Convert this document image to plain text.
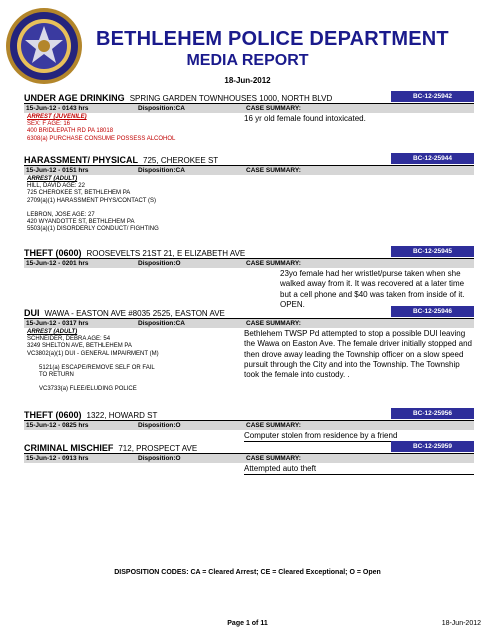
BETHLEHEM POLICE DEPARTMENT
MEDIA REPORT
18-Jun-2012
UNDER AGE DRINKING SPRING GARDEN TOWNHOUSES 1000, NORTH BLVD	BC-12-25942
15-Jun-12 - 0143 hrs	Disposition:CA	CASE SUMMARY:
ARREST (JUVENILE)
SEX: F AGE: 16
400 BRIDLEPATH RD PA 18018
6308(a) PURCHASE CONSUME POSSESS ALCOHOL
16 yr old female found intoxicated.
HARASSMENT/ PHYSICAL 725, CHEROKEE ST	BC-12-25944
15-Jun-12 - 0151 hrs	Disposition:CA	CASE SUMMARY:
ARREST (ADULT)
HILL, DAVID AGE: 22
725 CHEROKEE ST, BETHLEHEM PA
2709(a)(1) HARASSMENT PHYS/CONTACT (S)
LEBRON, JOSE AGE: 27
420 WYANDOTTE ST, BETHLEHEM PA
5503(a)(1) DISORDERLY CONDUCT/ FIGHTING
THEFT (0600) ROOSEVELTS 21ST 21, E ELIZABETH AVE	BC-12-25945
15-Jun-12 - 0201 hrs	Disposition:O	CASE SUMMARY:
23yo female had her wristlet/purse taken when she walked away from it. It was recovered at a later time but a cell phone and $40 was taken from inside of it. OPEN.
DUI WAWA - EASTON AVE #8035 2525, EASTON AVE	BC-12-25946
15-Jun-12 - 0317 hrs	Disposition:CA	CASE SUMMARY:
ARREST (ADULT)
SCHNEIDER, DEBRA AGE: 54
3249 SHELTON AVE, BETHLEHEM PA
VC3802(a)(1) DUI - GENERAL IMPAIRMENT (M)
5121(a) ESCAPE/REMOVE SELF OR FAIL TO RETURN
VC3733(a) FLEE/ELUDING POLICE
Bethlehem TWSP Pd attempted to stop a possible DUI leaving the Wawa on Easton Ave. The female driver initially stopped and then drove away leading the Township officer on a slow speed pursuit through the City and into the Township. The Township took the female into custody. .
THEFT (0600) 1322, HOWARD ST	BC-12-25956
15-Jun-12 - 0825 hrs	Disposition:O	CASE SUMMARY:
Computer stolen from residence by a friend
CRIMINAL MISCHIEF 712, PROSPECT AVE	BC-12-25959
15-Jun-12 - 0913 hrs	Disposition:O	CASE SUMMARY:
Attempted auto theft
DISPOSITION CODES: CA = Cleared Arrest; CE = Cleared Exceptional; O = Open
Page 1 of 11	18-Jun-2012
